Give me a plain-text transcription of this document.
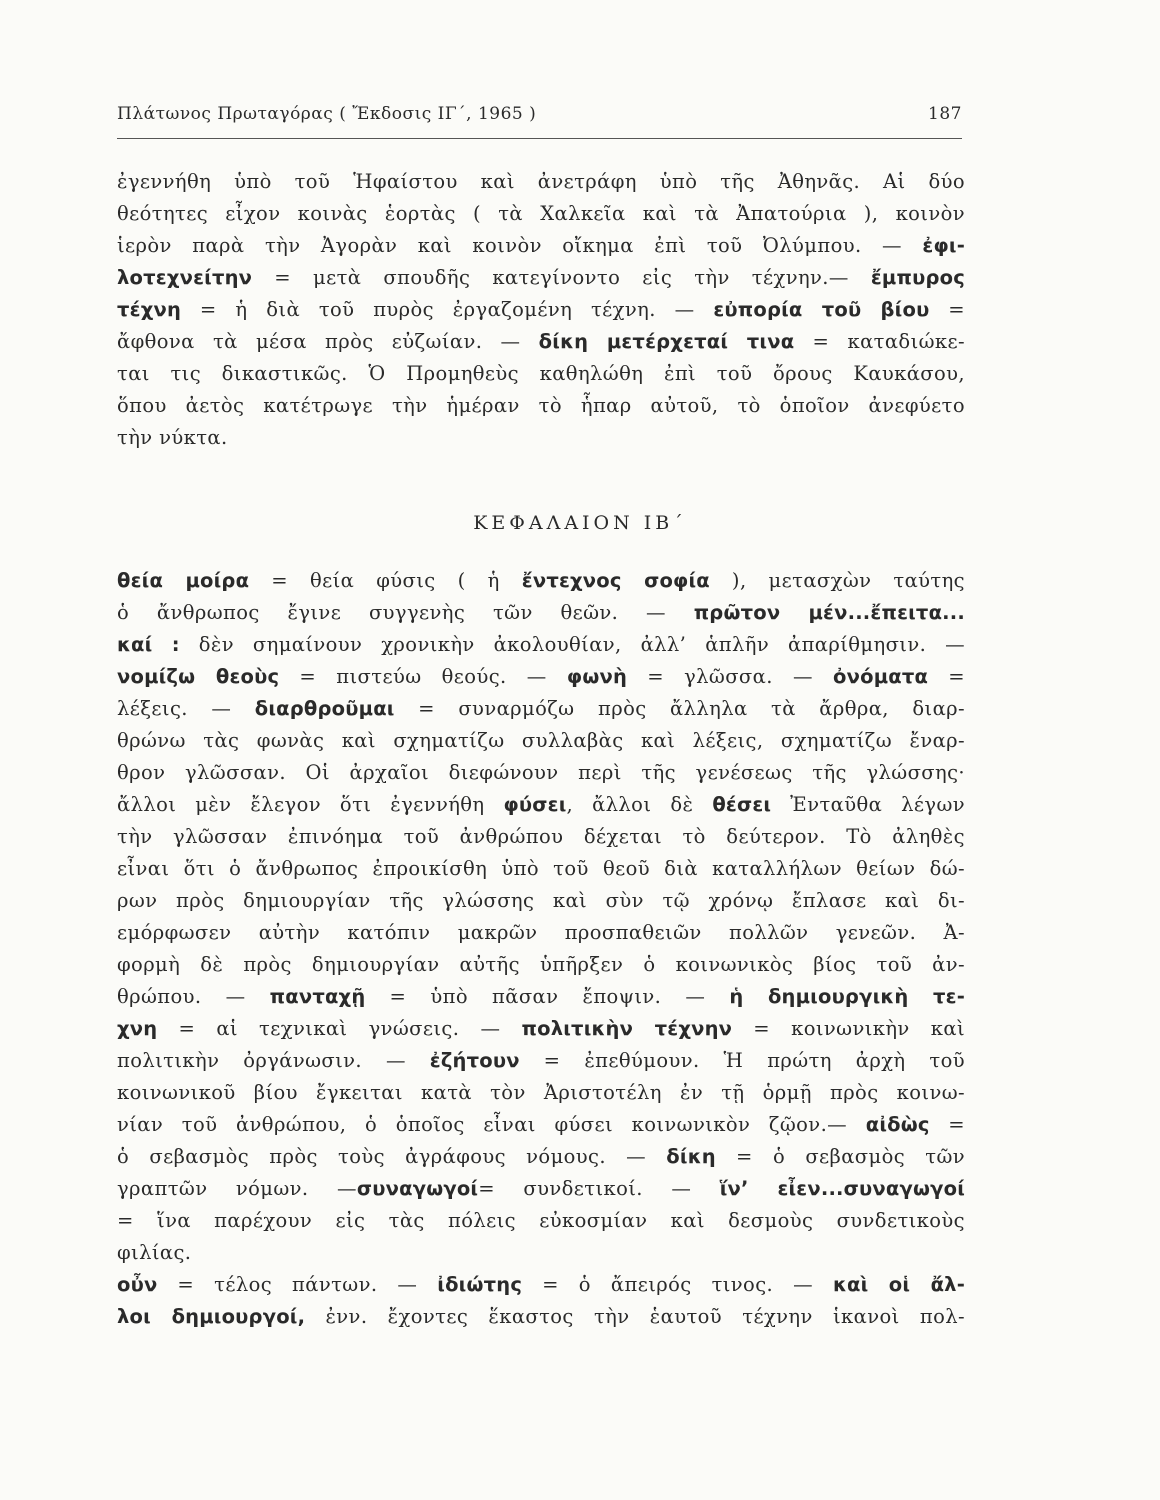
Πλάτωνος Πρωταγόρας ( Ἔκδοσις ΙΓ΄, 1965 )	187
ἐγεννήθη ὑπὸ τοῦ Ἡφαίστου καὶ ἀνετράφη ὑπὸ τῆς Ἀθηνᾶς. Αἱ δύο
θεότητες εἶχον κοινὰς ἑορτὰς ( τὰ Χαλκεῖα καὶ τὰ Ἀπατούρια ), κοινὸν
ἱερὸν παρὰ τὴν Ἀγορὰν καὶ κοινὸν οἴκημα ἐπὶ τοῦ Ὀλύμπου. — ἐφι-
λοτεχνείτην = μετὰ σπουδῆς κατεγίνοντο εἰς τὴν τέχνην.— ἔμπυρος
τέχνη = ἡ διὰ τοῦ πυρὸς ἐργαζομένη τέχνη. — εὐπορία τοῦ βίου =
ἄφθονα τὰ μέσα πρὸς εὐζωίαν. — δίκη μετέρχεταί τινα = καταδιώκε-
ται τις δικαστικῶς. Ὁ Προμηθεὺς καθηλώθη ἐπὶ τοῦ ὄρους Καυκάσου,
ὅπου ἀετὸς κατέτρωγε τὴν ἡμέραν τὸ ἧπαρ αὐτοῦ, τὸ ὁποῖον ἀνεφύετο
τὴν νύκτα.
ΚΕΦΑΛΑΙΟΝ ΙΒ΄
θεία μοίρα = θεία φύσις ( ἡ ἔντεχνος σοφία ), μετασχὼν ταύτης
ὁ ἄνθρωπος ἔγινε συγγενὴς τῶν θεῶν. — πρῶτον μέν...ἔπειτα...
καί : δὲν σημαίνουν χρονικὴν ἀκολουθίαν, ἀλλ’ ἁπλῆν ἀπαρίθμησιν. —
νομίζω θεοὺς = πιστεύω θεούς. — φωνὴ = γλῶσσα. — ὀνόματα =
λέξεις. — διαρθροῦμαι = συναρμόζω πρὸς ἄλληλα τὰ ἄρθρα, διαρ-
θρώνω τὰς φωνὰς καὶ σχηματίζω συλλαβὰς καὶ λέξεις, σχηματίζω ἔναρ-
θρον γλῶσσαν. Οἱ ἀρχαῖοι διεφώνουν περὶ τῆς γενέσεως τῆς γλώσσης·
ἄλλοι μὲν ἔλεγον ὅτι ἐγεννήθη φύσει, ἄλλοι δὲ θέσει Ἐνταῦθα λέγων
τὴν γλῶσσαν ἐπινόημα τοῦ ἀνθρώπου δέχεται τὸ δεύτερον. Τὸ ἀληθὲς
εἶναι ὅτι ὁ ἄνθρωπος ἐπροικίσθη ὑπὸ τοῦ θεοῦ διὰ καταλλήλων θείων δώ-
ρων πρὸς δημιουργίαν τῆς γλώσσης καὶ σὺν τῷ χρόνῳ ἔπλασε καὶ δι-
εμόρφωσεν αὐτὴν κατόπιν μακρῶν προσπαθειῶν πολλῶν γενεῶν. Ἀ-
φορμὴ δὲ πρὸς δημιουργίαν αὐτῆς ὑπῆρξεν ὁ κοινωνικὸς βίος τοῦ ἀν-
θρώπου. — πανταχῇ = ὑπὸ πᾶσαν ἔποψιν. — ἡ δημιουργικὴ τε-
χνη = αἱ τεχνικαὶ γνώσεις. — πολιτικὴν τέχνην = κοινωνικὴν καὶ
πολιτικὴν ὀργάνωσιν. — ἐζήτουν = ἐπεθύμουν. Ἡ πρώτη ἀρχὴ τοῦ
κοινωνικοῦ βίου ἔγκειται κατὰ τὸν Ἀριστοτέλη ἐν τῇ ὁρμῇ πρὸς κοινω-
νίαν τοῦ ἀνθρώπου, ὁ ὁποῖος εἶναι φύσει κοινωνικὸν ζῷον.— αἰδὼς =
ὁ σεβασμὸς πρὸς τοὺς ἀγράφους νόμους. — δίκη = ὁ σεβασμὸς τῶν
γραπτῶν νόμων. —συναγωγοί= συνδετικοί. — ἵν’ εἶεν...συναγωγοί
= ἵνα παρέχουν εἰς τὰς πόλεις εὐκοσμίαν καὶ δεσμοὺς συνδετικοὺς
φιλίας.
οὖν = τέλος πάντων. — ἰδιώτης = ὁ ἄπειρός τινος. — καὶ οἱ ἄλ-
λοι δημιουργοί, ἐνν. ἔχοντες ἕκαστος τὴν ἑαυτοῦ τέχνην ἱκανοὶ πολ-
